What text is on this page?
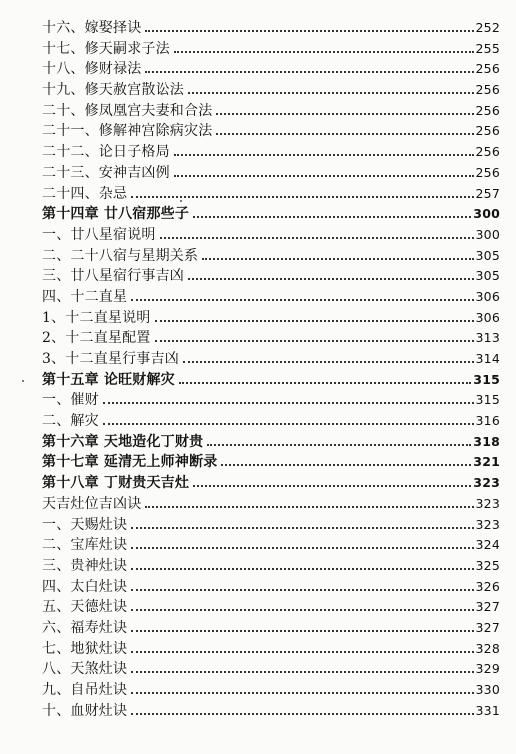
十六、嫁娶择诀	252
十七、修天嗣求子法	255
十八、修财禄法	256
十九、修天赦宫散讼法	256
二十、修凤凰宫夫妻和合法	256
二十一、修解神宫除病灾法	256
二十二、论日子格局	256
二十三、安神吉凶例	256
二十四、杂忌	257
第十四章 廿八宿那些子	300
一、廿八星宿说明	300
二、二十八宿与星期关系	305
三、廿八星宿行事吉凶	305
四、十二直星	306
1、十二直星说明	306
2、十二直星配置	313
3、十二直星行事吉凶	314
第十五章 论旺财解灾	315
一、催财	315
二、解灾	316
第十六章 天地造化丁财贵	318
第十七章 延清无上师神断录	321
第十八章 丁财贵天吉灶	323
天吉灶位吉凶诀	323
一、天赐灶诀	323
二、宝库灶诀	324
三、贵神灶诀	325
四、太白灶诀	326
五、天德灶诀	327
六、福寿灶诀	327
七、地狱灶诀	328
八、天煞灶诀	329
九、自吊灶诀	330
十、血财灶诀	331
